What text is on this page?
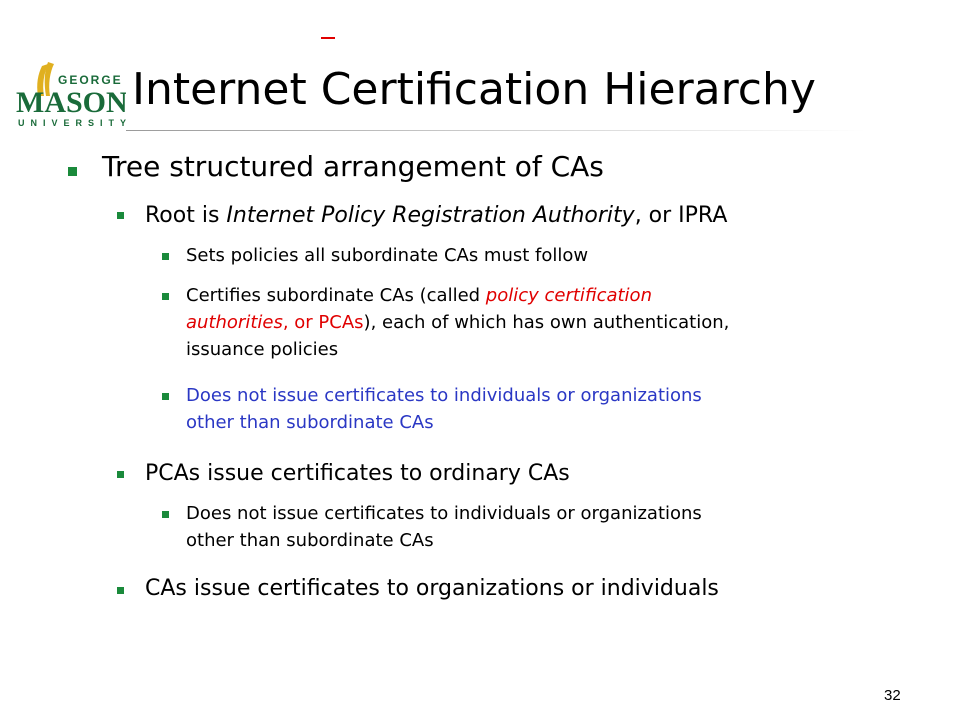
GEORGE
MASON
UNIVERSITY
Internet Certification Hierarchy
Tree structured arrangement of CAs
Root is Internet Policy Registration Authority, or IPRA
Sets policies all subordinate CAs must follow
Certifies subordinate CAs (called policy certification
authorities, or PCAs), each of which has own authentication,
issuance policies
Does not issue certificates to individuals or organizations
other than subordinate CAs
PCAs issue certificates to ordinary CAs
Does not issue certificates to individuals or organizations
other than subordinate CAs
CAs issue certificates to organizations or individuals
32
